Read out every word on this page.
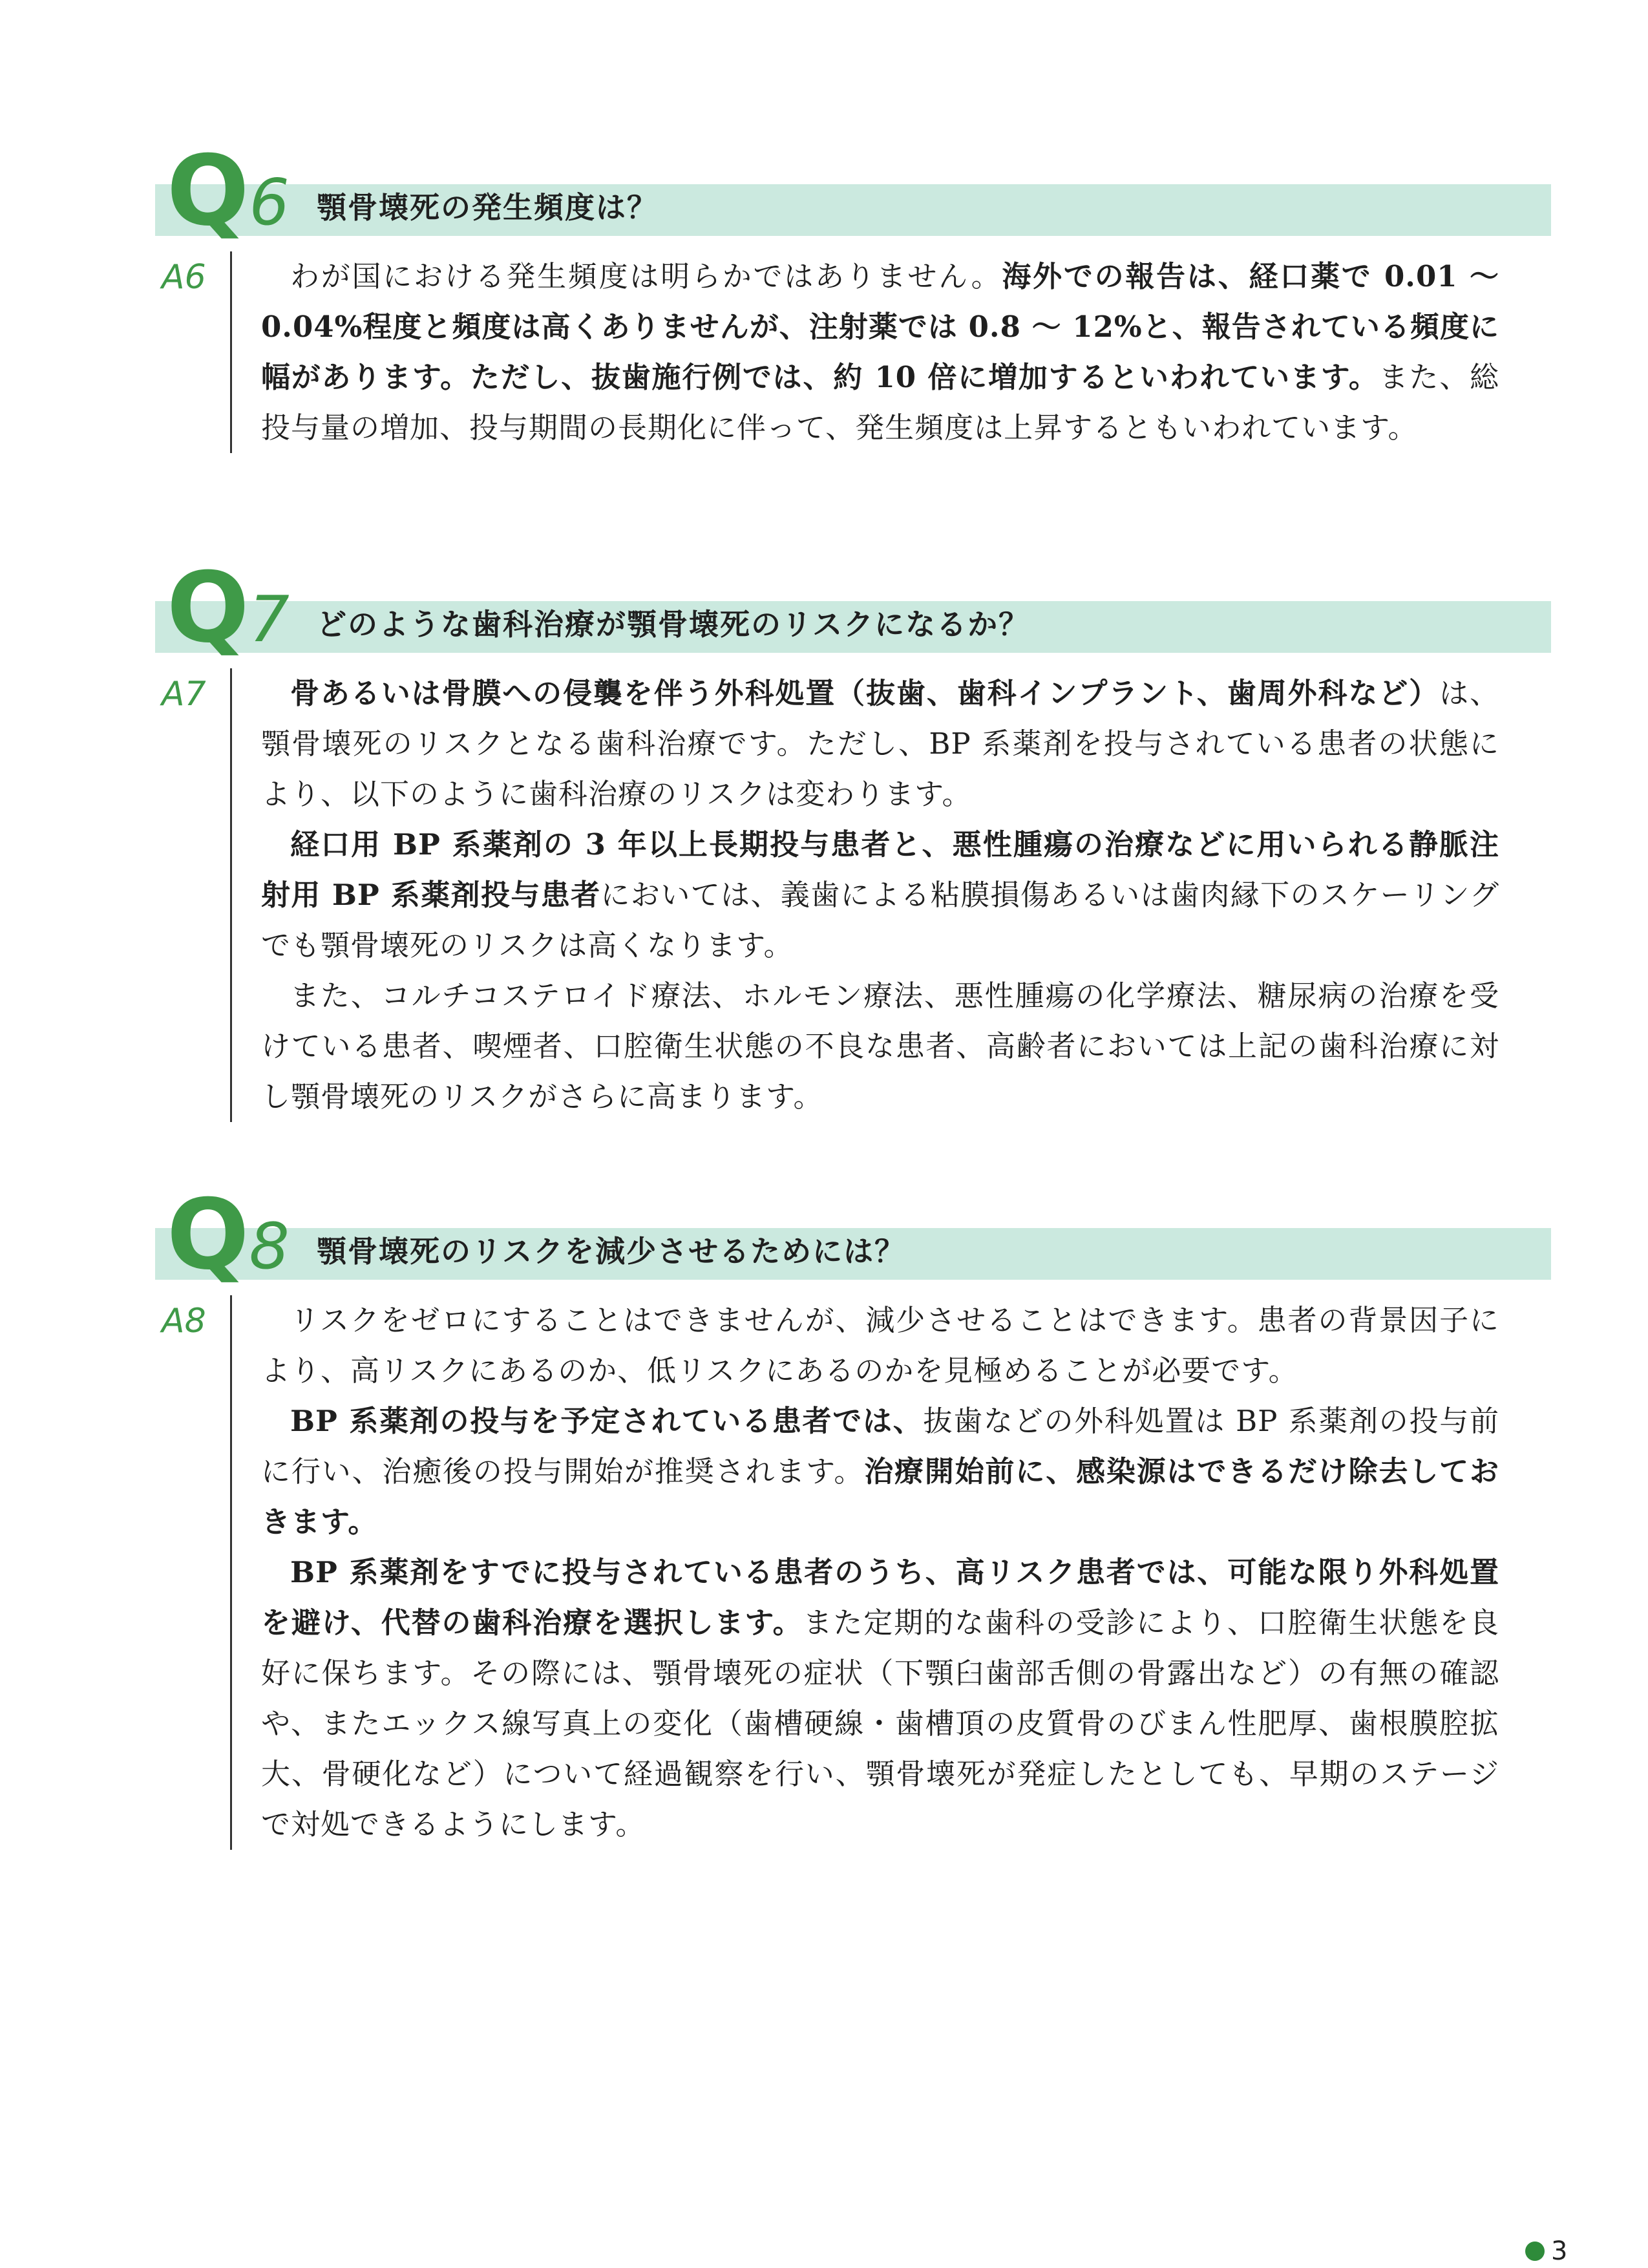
Q6 顎骨壊死の発生頻度は？
A6	わが国における発生頻度は明らかではありません。海外での報告は、経口薬で 0.01 ～ 0.04%程度と頻度は高くありませんが、注射薬では 0.8 ～ 12%と、報告されている頻度に幅があります。ただし、抜歯施行例では、約 10 倍に増加するといわれています。また、総投与量の増加、投与期間の長期化に伴って、発生頻度は上昇するともいわれています。

Q7 どのような歯科治療が顎骨壊死のリスクになるか？
A7	骨あるいは骨膜への侵襲を伴う外科処置（抜歯、歯科インプラント、歯周外科など）は、顎骨壊死のリスクとなる歯科治療です。ただし、BP 系薬剤を投与されている患者の状態により、以下のように歯科治療のリスクは変わります。

経口用 BP 系薬剤の 3 年以上長期投与患者と、悪性腫瘍の治療などに用いられる静脈注射用 BP 系薬剤投与患者においては、義歯による粘膜損傷あるいは歯肉縁下のスケーリングでも顎骨壊死のリスクは高くなります。

また、コルチコステロイド療法、ホルモン療法、悪性腫瘍の化学療法、糖尿病の治療を受けている患者、喫煙者、口腔衛生状態の不良な患者、高齢者においては上記の歯科治療に対し顎骨壊死のリスクがさらに高まります。

Q8 顎骨壊死のリスクを減少させるためには？
A8	リスクをゼロにすることはできませんが、減少させることはできます。患者の背景因子により、高リスクにあるのか、低リスクにあるのかを見極めることが必要です。

BP 系薬剤の投与を予定されている患者では、抜歯などの外科処置は BP 系薬剤の投与前に行い、治癒後の投与開始が推奨されます。治療開始前に、感染源はできるだけ除去しておきます。

BP 系薬剤をすでに投与されている患者のうち、高リスク患者では、可能な限り外科処置を避け、代替の歯科治療を選択します。また定期的な歯科の受診により、口腔衛生状態を良好に保ちます。その際には、顎骨壊死の症状（下顎臼歯部舌側の骨露出など）の有無の確認や、またエックス線写真上の変化（歯槽硬線・歯槽頂の皮質骨のびまん性肥厚、歯根膜腔拡大、骨硬化など）について経過観察を行い、顎骨壊死が発症したとしても、早期のステージで対処できるようにします。

3
